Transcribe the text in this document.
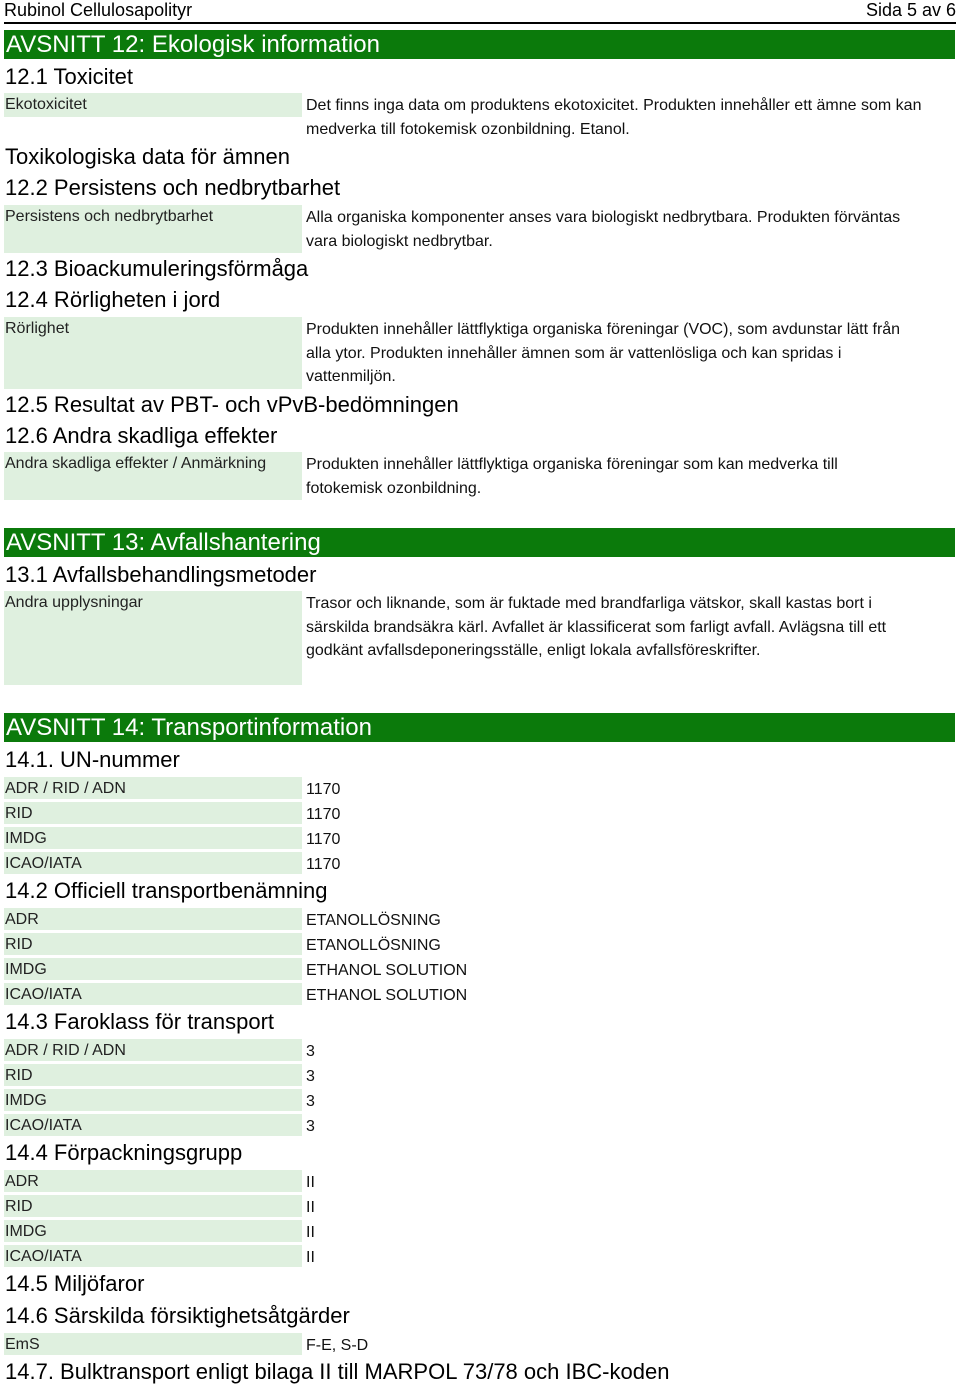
Rubinol Cellulosapolityr	Sida 5 av 6
AVSNITT 12: Ekologisk information
12.1 Toxicitet
Ekotoxicitet	Det finns inga data om produktens ekotoxicitet. Produkten innehåller ett ämne som kan medverka till fotokemisk ozonbildning. Etanol.
Toxikologiska data för ämnen
12.2 Persistens och nedbrytbarhet
Persistens och nedbrytbarhet	Alla organiska komponenter anses vara biologiskt nedbrytbara. Produkten förväntas vara biologiskt nedbrytbar.
12.3 Bioackumuleringsförmåga
12.4 Rörligheten i jord
Rörlighet	Produkten innehåller lättflyktiga organiska föreningar (VOC), som avdunstar lätt från alla ytor. Produkten innehåller ämnen som är vattenlösliga och kan spridas i vattenmiljön.
12.5 Resultat av PBT- och vPvB-bedömningen
12.6 Andra skadliga effekter
Andra skadliga effekter / Anmärkning	Produkten innehåller lättflyktiga organiska föreningar som kan medverka till fotokemisk ozonbildning.
AVSNITT 13: Avfallshantering
13.1 Avfallsbehandlingsmetoder
Andra upplysningar	Trasor och liknande, som är fuktade med brandfarliga vätskor, skall kastas bort i särskilda brandsäkra kärl. Avfallet är klassificerat som farligt avfall. Avlägsna till ett godkänt avfallsdeponeringsställe, enligt lokala avfallsföreskrifter.
AVSNITT 14: Transportinformation
14.1. UN-nummer
ADR / RID / ADN	1170
RID	1170
IMDG	1170
ICAO/IATA	1170
14.2 Officiell transportbenämning
ADR	ETANOLLÖSNING
RID	ETANOLLÖSNING
IMDG	ETHANOL SOLUTION
ICAO/IATA	ETHANOL SOLUTION
14.3 Faroklass för transport
ADR / RID / ADN	3
RID	3
IMDG	3
ICAO/IATA	3
14.4 Förpackningsgrupp
ADR	II
RID	II
IMDG	II
ICAO/IATA	II
14.5 Miljöfaror
14.6 Särskilda försiktighetsåtgärder
EmS	F-E, S-D
14.7. Bulktransport enligt bilaga II till MARPOL 73/78 och IBC-koden
